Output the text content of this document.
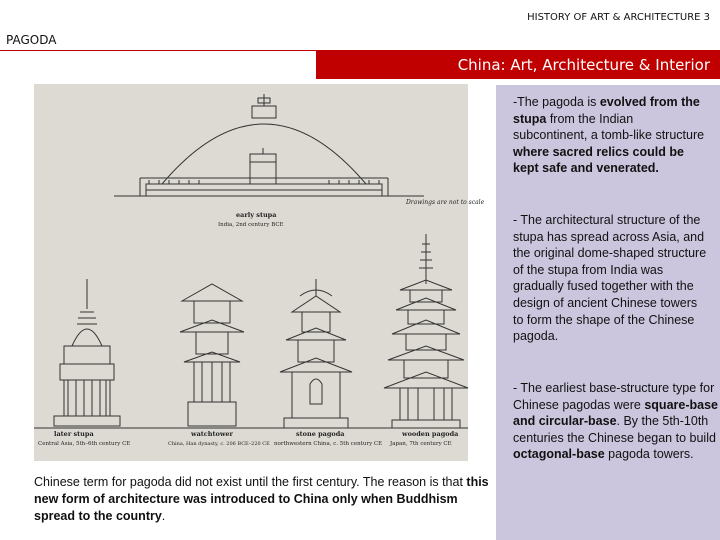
HISTORY OF ART & ARCHITECTURE 3
PAGODA
China: Art, Architecture & Interior
Drawings are not to scale
early stupa
India, 2nd century BCE
later stupa
Central Asia, 5th–6th century CE
watchtower
China, Han dynasty, c. 206 BCE–220 CE
stone pagoda
northwestern China, c. 5th century CE
wooden pagoda
Japan, 7th century CE
-The pagoda is evolved from the stupa from the Indian subcontinent, a tomb-like structure where sacred relics could be kept safe and venerated.
- The architectural structure of the stupa has spread across Asia, and the original dome-shaped structure of the stupa from India was gradually fused together with the design of ancient Chinese towers to form the shape of the Chinese pagoda.
- The earliest base-structure type for Chinese pagodas were square-base and circular-base. By the 5th-10th centuries the Chinese began to build octagonal-base pagoda towers.
Chinese term for pagoda did not exist until the first century. The reason is that this new form of architecture was introduced to China only when Buddhism spread to the country.
